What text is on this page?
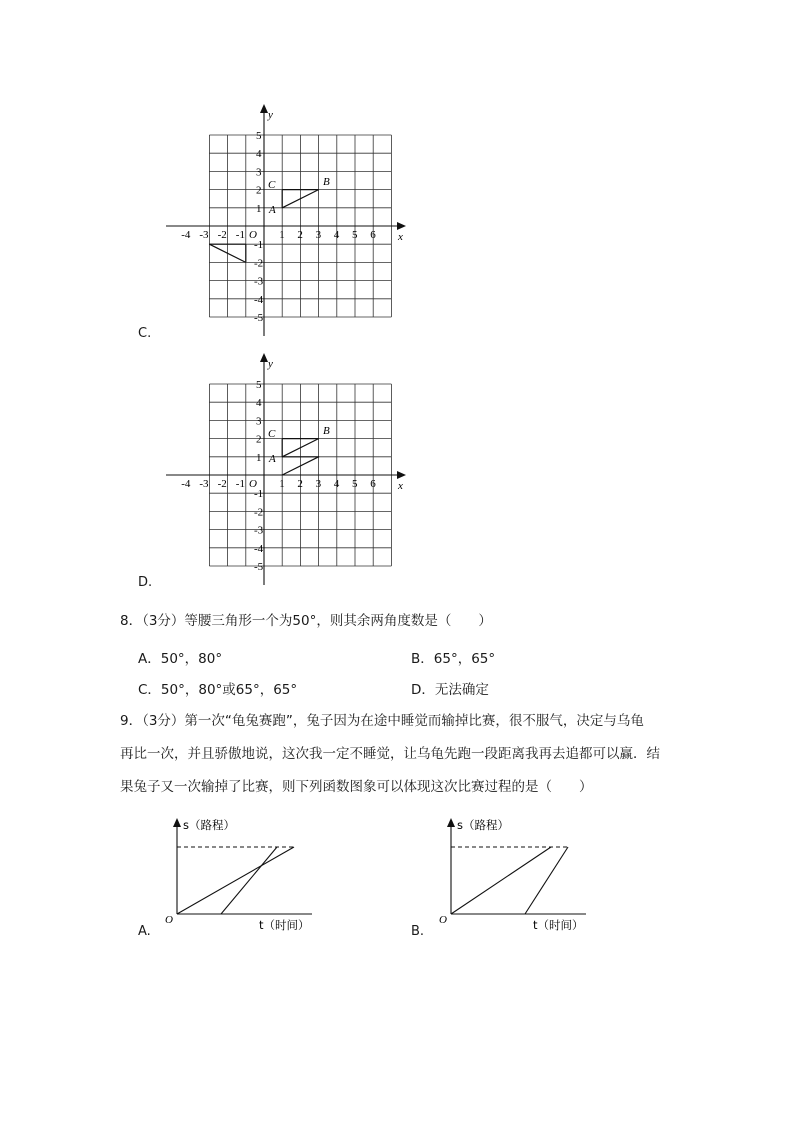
y
x
O
-4 -3 -2 -1	1 2 3 4 5 6
5
4
3
2
1
-1
-2
-3
-4
-5
C	B
A
C.
y
x
O
-4 -3 -2 -1	1 2 3 4 5 6
5
4
3
2
1
-1
-2
-3
-4
-5
C	B
A
D.
8．（3分）等腰三角形一个为50°，则其余两角度数是（　　）
A．50°，80°	B．65°，65°
C．50°，80°或65°，65°	D．无法确定
9．（3分）第一次“龟兔赛跑”，兔子因为在途中睡觉而输掉比赛，很不服气，决定与乌龟
再比一次，并且骄傲地说，这次我一定不睡觉，让乌龟先跑一段距离我再去追都可以赢．结
果兔子又一次输掉了比赛，则下列函数图象可以体现这次比赛过程的是（　　）
s（路程）
t（时间）
O
A.
s（路程）
t（时间）
O
B.
